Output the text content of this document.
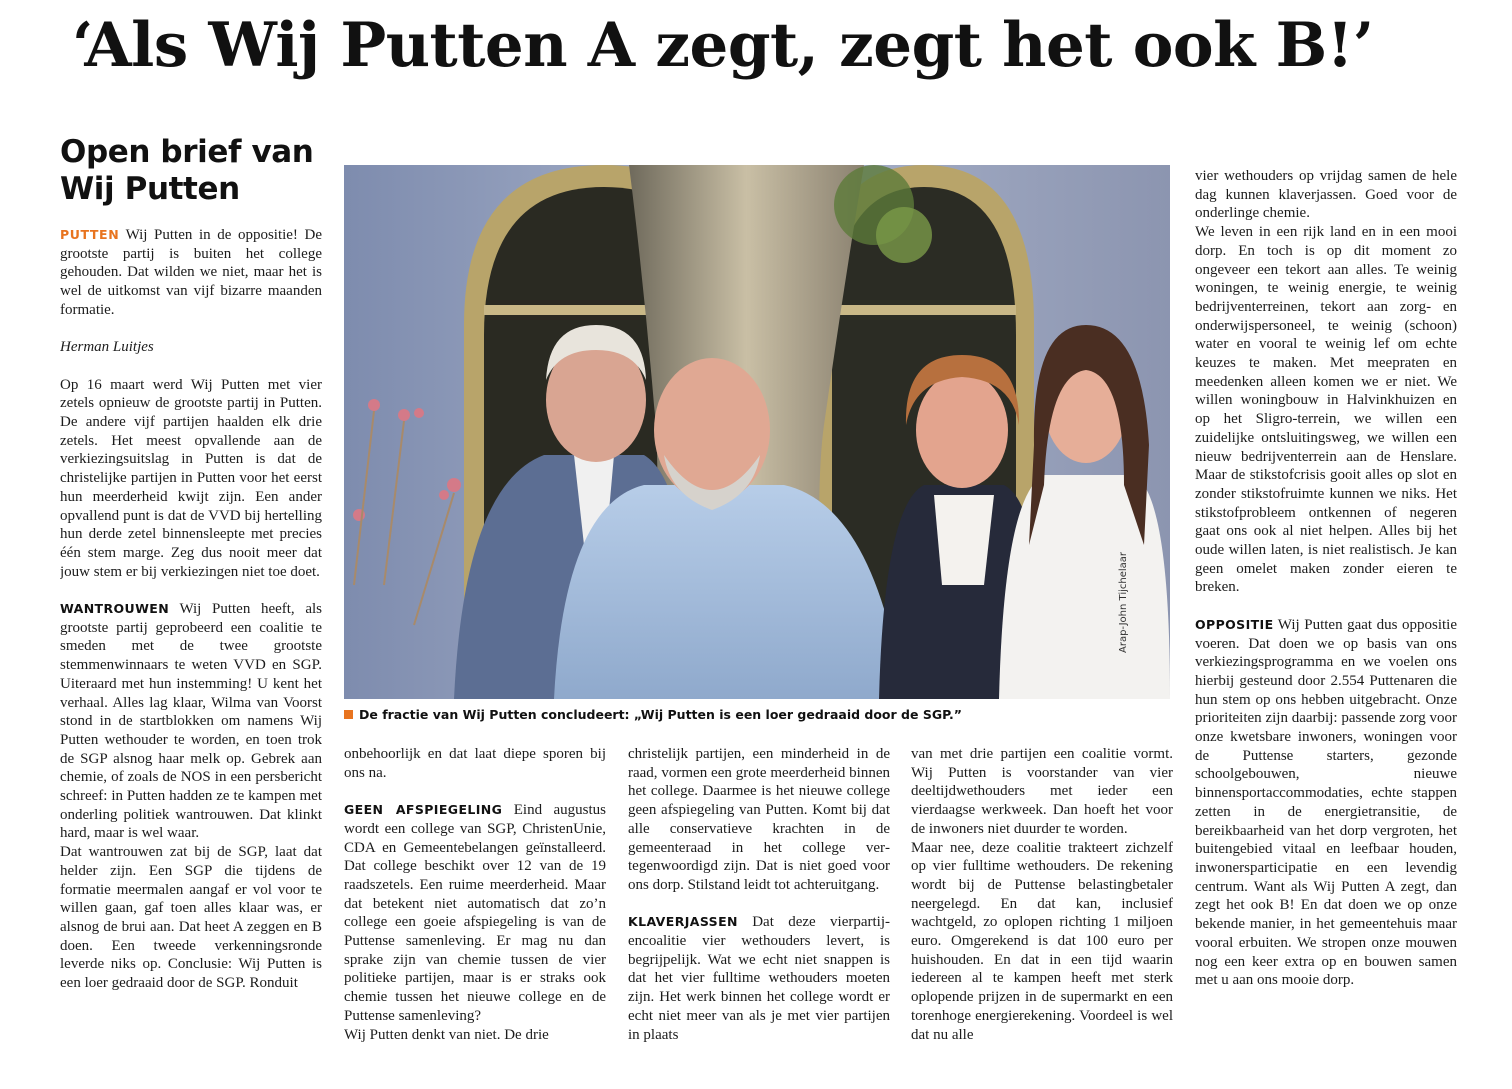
‘Als Wij Putten A zegt, zegt het ook B!’
Open brief van
Wij Putten

PUTTEN Wij Putten in de oppositie! De grootste partij is buiten het college gehouden. Dat wilden we niet, maar het is wel de uitkomst van vijf bizarre maanden formatie.

Herman Luitjes

Op 16 maart werd Wij Putten met vier zetels opnieuw de grootste partij in Putten. De andere vijf partijen haalden elk drie zetels. Het meest opvallende aan de verkiezingsuitslag in Putten is dat de christelijke partijen in Putten voor het eerst hun meerderheid kwijt zijn. Een ander opvallend punt is dat de VVD bij hertelling hun derde zetel binnensleepte met precies één stem marge. Zeg dus nooit meer dat jouw stem er bij verkiezingen niet toe doet.

WANTROUWEN Wij Putten heeft, als grootste partij geprobeerd een coalitie te smeden met de twee grootste stemmenwinnaars te weten VVD en SGP. Uiteraard met hun instemming! U kent het verhaal. Alles lag klaar, Wilma van Voorst stond in de startblokken om namens Wij Putten wethouder te worden, en toen trok de SGP alsnog haar melk op. Gebrek aan chemie, of zoals de NOS in een persbericht schreef: in Putten hadden ze te kampen met onderling politiek wantrouwen. Dat klinkt hard, maar is wel waar.

Dat wantrouwen zat bij de SGP, laat dat helder zijn. Een SGP die tijdens de formatie meermalen aangaf er vol voor te willen gaan, gaf toen alles klaar was, er alsnog de brui aan. Dat heet A zeggen en B doen. Een tweede verkenningsronde leverde niks op. Conclusie: Wij Putten is een loer gedraaid door de SGP. Ronduit

De fractie van Wij Putten concludeert: „Wij Putten is een loer gedraaid door de SGP.”

onbehoorlijk en dat laat diepe sporen bij ons na.

GEEN AFSPIEGELING Eind augustus wordt een college van SGP, ChristenUnie, CDA en Gemeentebelangen geïnstalleerd. Dat college beschikt over 12 van de 19 raadszetels. Een ruime meerderheid. Maar dat betekent niet automatisch dat zo’n college een goeie afspiegeling is van de Puttense samenleving. Er mag nu dan sprake zijn van chemie tussen de vier politieke partijen, maar is er straks ook chemie tussen het nieuwe college en de Puttense samenleving?

Wij Putten denkt van niet. De drie

christelijk partijen, een minderheid in de raad, vormen een grote meerderheid binnen het college. Daarmee is het nieuwe college geen afspiegeling van Putten. Komt bij dat alle conservatieve krachten in de gemeenteraad in het college vertegenwoordigd zijn. Dat is niet goed voor ons dorp. Stilstand leidt tot achteruitgang.

KLAVERJASSEN Dat deze vierpartijencoalitie vier wethouders levert, is begrijpelijk. Wat we echt niet snappen is dat het vier fulltime wethouders moeten zijn. Het werk binnen het college wordt er echt niet meer van als je met vier partijen in plaats

van met drie partijen een coalitie vormt. Wij Putten is voorstander van vier deeltijdwethouders met ieder een vierdaagse werkweek. Dan hoeft het voor de inwoners niet duurder te worden.

Maar nee, deze coalitie trakteert zichzelf op vier fulltime wethouders. De rekening wordt bij de Puttense belastingbetaler neergelegd. En dat kan, inclusief wachtgeld, zo oplopen richting 1 miljoen euro. Omgerekend is dat 100 euro per huishouden. En dat in een tijd waarin iedereen al te kampen heeft met sterk oplopende prijzen in de supermarkt en een torenhoge energierekening. Voordeel is wel dat nu alle

vier wethouders op vrijdag samen de hele dag kunnen klaverjassen. Goed voor de onderlinge chemie.

We leven in een rijk land en in een mooi dorp. En toch is op dit moment zo ongeveer een tekort aan alles. Te weinig woningen, te weinig energie, te weinig bedrijventerreinen, tekort aan zorg- en onderwijspersoneel, te weinig (schoon) water en vooral te weinig lef om echte keuzes te maken. Met meepraten en meedenken alleen komen we er niet. We willen woningbouw in Halvinkhuizen en op het Sligro-terrein, we willen een zuidelijke ontsluitingsweg, we willen een nieuw bedrijventerrein aan de Henslare. Maar de stikstofcrisis gooit alles op slot en zonder stikstofruimte kunnen we niks. Het stikstofprobleem ontkennen of negeren gaat ons ook al niet helpen. Alles bij het oude willen laten, is niet realistisch. Je kan geen omelet maken zonder eieren te breken.

OPPOSITIE Wij Putten gaat dus oppositie voeren. Dat doen we op basis van ons verkiezingsprogramma en we voelen ons hierbij gesteund door 2.554 Puttenaren die hun stem op ons hebben uitgebracht. Onze prioriteiten zijn daarbij: passende zorg voor onze kwetsbare inwoners, woningen voor de Puttense starters, gezonde schoolgebouwen, nieuwe binnensportaccommodaties, echte stappen zetten in de energietransitie, de bereikbaarheid van het dorp vergroten, het buitengebied vitaal en leefbaar houden, inwonersparticipatie en een levendig centrum. Want als Wij Putten A zegt, dan zegt het ook B! En dat doen we op onze bekende manier, in het gemeentehuis maar vooral erbuiten. We stropen onze mouwen nog een keer extra op en bouwen samen met u aan ons mooie dorp.
